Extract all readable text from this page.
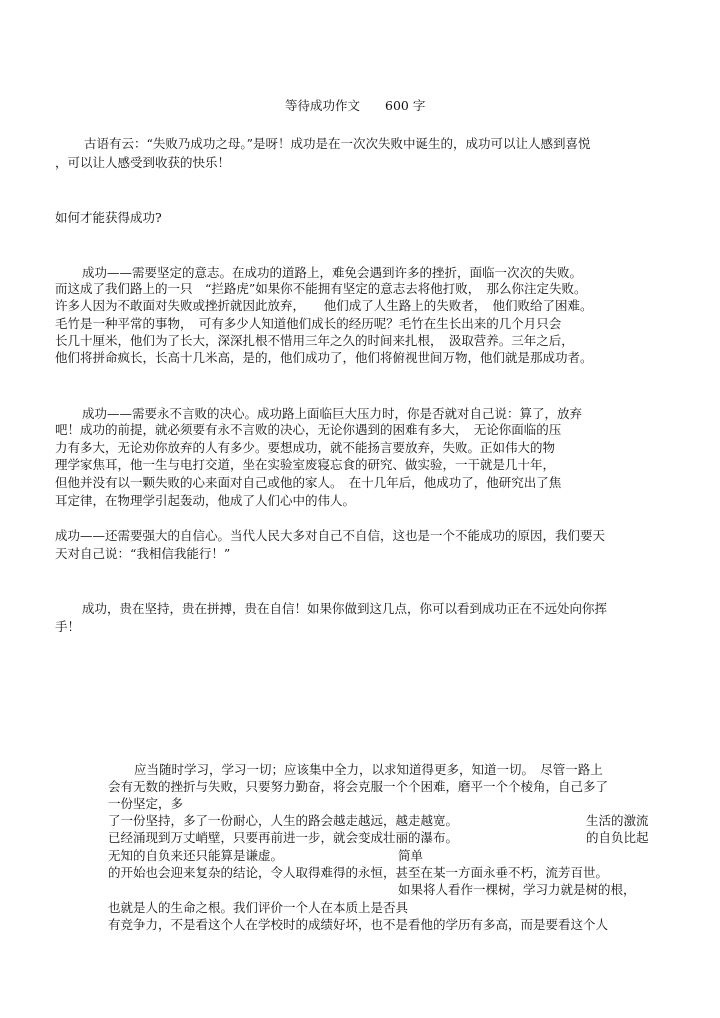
等待成功作文　　600 字
古语有云：“失败乃成功之母。”是呀！成功是在一次次失败中诞生的，成功可以让人感到喜悦
，可以让人感受到收获的快乐！
如何才能获得成功?
成功——需要坚定的意志。在成功的道路上，难免会遇到许多的挫折，面临一次次的失败。
而这成了我们路上的一只　“拦路虎”如果你不能拥有坚定的意志去将他打败，　那么你注定失败。
许多人因为不敢面对失败或挫折就因此放弃，　　他们成了人生路上的失败者，　他们败给了困难。
毛竹是一种平常的事物，　可有多少人知道他们成长的经历呢？毛竹在生长出来的几个月只会
长几十厘米，他们为了长大，深深扎根不惜用三年之久的时间来扎根，　汲取营养。三年之后，
他们将拼命疯长，长高十几米高，是的，他们成功了，他们将俯视世间万物，他们就是那成功者。
成功——需要永不言败的决心。成功路上面临巨大压力时，你是否就对自己说：算了，放弃
吧！成功的前提，就必须要有永不言败的决心，无论你遇到的困难有多大，　无论你面临的压
力有多大，无论劝你放弃的人有多少。要想成功，就不能扬言要放弃，失败。正如伟大的物
理学家焦耳，他一生与电打交道，坐在实验室废寝忘食的研究、做实验，一干就是几十年，
但他并没有以一颗失败的心来面对自己或他的家人。　在十几年后，他成功了，他研究出了焦
耳定律，在物理学引起轰动，他成了人们心中的伟人。
成功——还需要强大的自信心。当代人民大多对自己不自信，这也是一个不能成功的原因，我们要天
天对自己说：“我相信我能行！”
成功，贵在坚持，贵在拼搏，贵在自信！如果你做到这几点，你可以看到成功正在不远处向你挥
手！
应当随时学习，学习一切；应该集中全力，以求知道得更多，知道一切。　尽管一路上
会有无数的挫折与失败，只要努力勤奋，将会克服一个个困难，磨平一个个棱角，自己多了
一份坚定，多
了一份坚持，多了一份耐心，人生的路会越走越远，越走越宽。	生活的激流
已经涌现到万丈峭壁，只要再前进一步，就会变成壮丽的瀑布。	的自负比起
无知的自负来还只能算是谦虚。	简单
的开始也会迎来复杂的结论，令人取得难得的永恒，甚至在某一方面永垂不朽，流芳百世。
如果将人看作一棵树，学习力就是树的根，
也就是人的生命之根。我们评价一个人在本质上是否具
有竞争力，不是看这个人在学校时的成绩好坏，也不是看他的学历有多高，而是要看这个人
